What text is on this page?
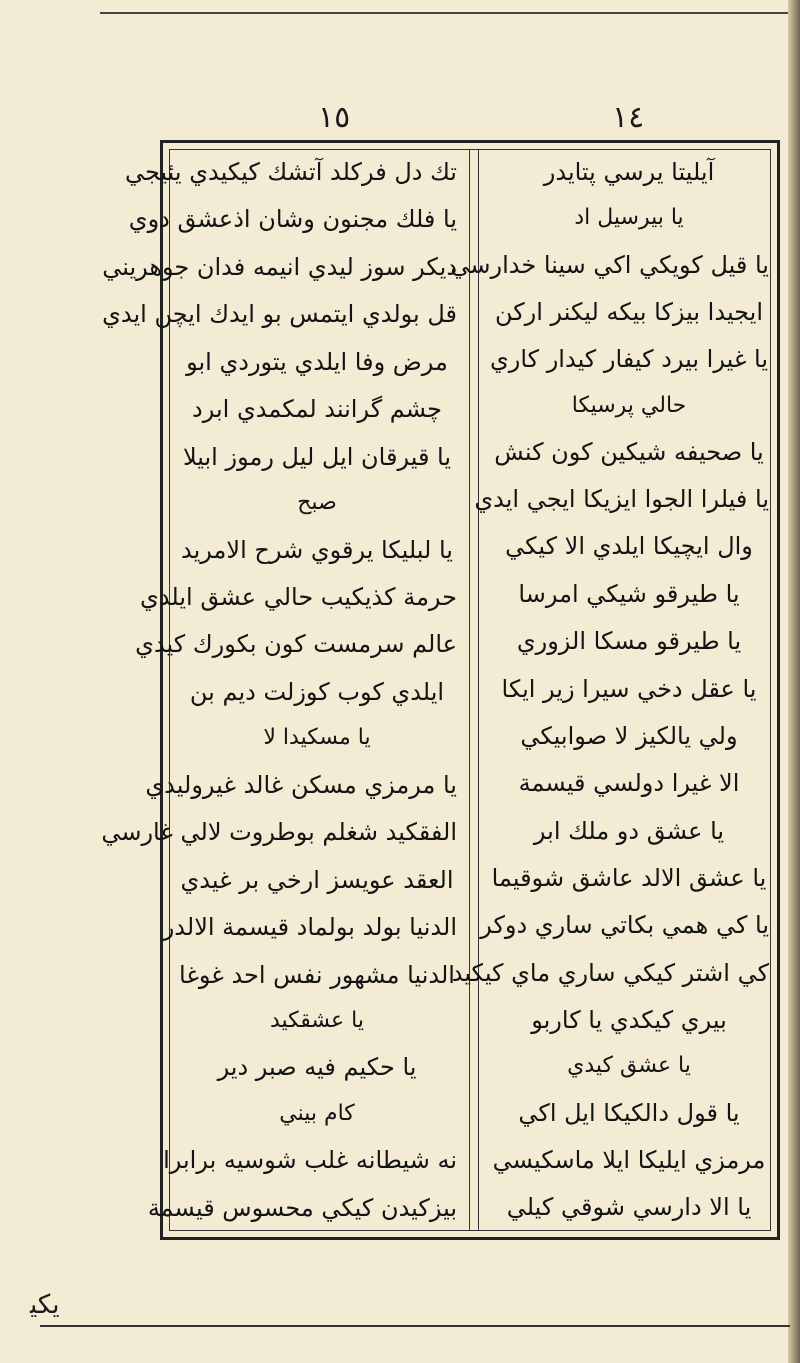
١٥	١٤
تك دل فركلد آتشك كيكيدي يئيجي
يا فلك مجنون وشان اذعشق دوي
ديكر سوز ليدي انيمه فدان جوهريني
قل بولدي ايتمس بو ايدك ايچن ايدي
مرض وفا ايلدي يتوردي ابو
چشم گرانند لمكمدي ابرد
يا قيرقان ايل ليل رموز ابيلا
صبح
يا لبليكا يرقوي شرح الامريد
حرمة كذيكيب حالي عشق ايلدي
عالم سرمست كون بكورك كيدي
ايلدي كوب كوزلت ديم بن
يا مسكيدا لا
يا مرمزي مسكن غالد غيروليدي
الفقكيد شغلم بوطروت لالي غارسي
العقد عويسز ارخي بر غيدي
الدنيا بولد بولماد قيسمة الالدر
الدنيا مشهور نفس احد غوغا
يا عشقكيد
يا حكيم فيه صبر دير
كام بيني
نه شيطانه غلب شوسيه برابرا
بيزكيدن كيكي محسوس قيسمة
آيليتا يرسي پتايدر
يا بيرسيل اد
يا قيل كويكي اكي سينا خدارسي
ايجيدا بيزكا بيكه ليكنر اركن
يا غيرا بيرد كيفار كيدار كاري
حالي پرسيكا
يا صحيفه شيكين كون كنش
يا فيلرا الجوا ايزيكا ايجي ايدي
وال ايچيكا ايلدي الا كيكي
يا طيرقو شيكي امرسا
يا طيرقو مسكا الزوري
يا عقل دخي سيرا زير ايكا
ولي يالكيز لا صوابيكي
الا غيرا دولسي قيسمة
يا عشق دو ملك ابر
يا عشق الالد عاشق شوقيما
يا كي همي بكاتي ساري دوكر
كي اشتر كيكي ساري ماي كيكيد
بيري كيكدي يا كاربو
يا عشق كيدي
يا قول دالكيكا ايل اكي
مرمزي ايليكا ايلا ماسكيسي
يا الا دارسي شوقي كيلي
ﻳﻜﻴ
